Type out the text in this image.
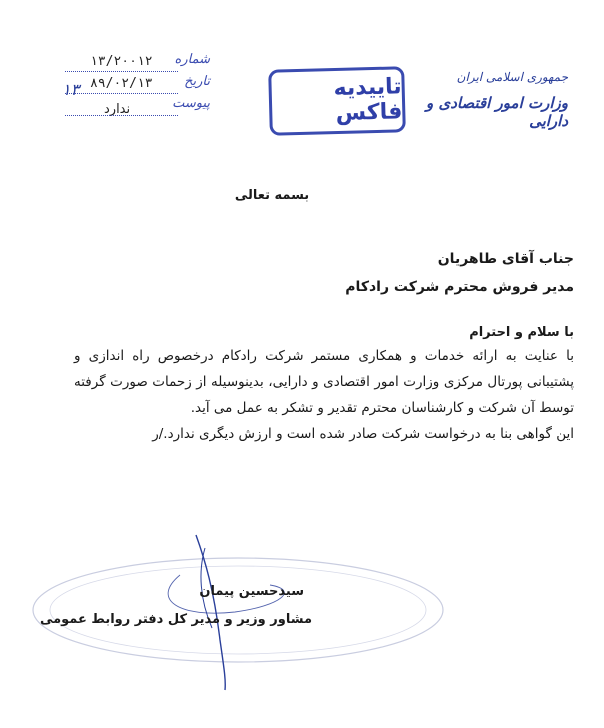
جمهوری اسلامی ایران
وزارت امور اقتصادی و دارایی
تاییدیه فاکس
شماره
۱۳/۲۰۰۱۲
تاریخ
۸۹/۰۲/۱۳
پیوست
ندارد
۱۳
بسمه تعالی
جناب آقای طاهریان
مدیر فروش محترم شرکت رادکام
با سلام و احترام

با عنایت به ارائه خدمات و همکاری مستمر شرکت رادکام درخصوص راه اندازی و پشتیبانی پورتال مرکزی وزارت امور اقتصادی و دارایی، بدینوسیله از زحمات صورت گرفته توسط آن شرکت و کارشناسان محترم تقدیر و تشکر به عمل می آید.

این گواهی بنا به درخواست شرکت صادر شده است و ارزش دیگری ندارد./ر

سیدحسین پیمان
مشاور وزیر و مدیر کل دفتر روابط عمومی
